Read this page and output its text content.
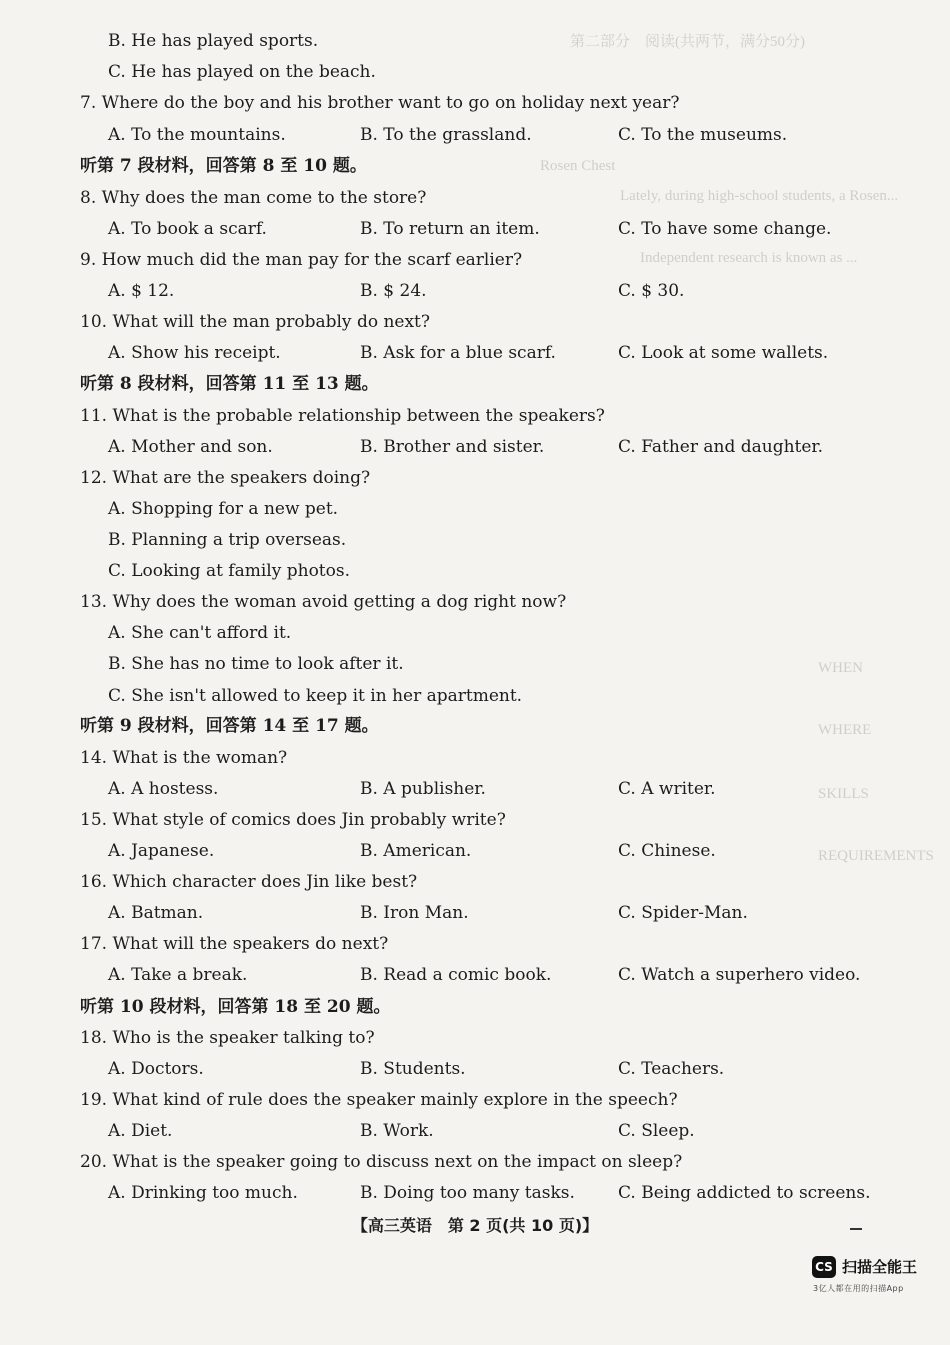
第二部分　阅读(共两节，满分50分)
Rosen Chest
Lately, during high-school students, a Rosen...
Independent research is known as ...
WHEN
WHERE
SKILLS
REQUIREMENTS
B. He has played sports.
C. He has played on the beach.
7. Where do the boy and his brother want to go on holiday next year?
A. To the mountains.	B. To the grassland.	C. To the museums.
听第 7 段材料，回答第 8 至 10 题。
8. Why does the man come to the store?
A. To book a scarf.	B. To return an item.	C. To have some change.
9. How much did the man pay for the scarf earlier?
A. $ 12.	B. $ 24.	C. $ 30.
10. What will the man probably do next?
A. Show his receipt.	B. Ask for a blue scarf.	C. Look at some wallets.
听第 8 段材料，回答第 11 至 13 题。
11. What is the probable relationship between the speakers?
A. Mother and son.	B. Brother and sister.	C. Father and daughter.
12. What are the speakers doing?
A. Shopping for a new pet.
B. Planning a trip overseas.
C. Looking at family photos.
13. Why does the woman avoid getting a dog right now?
A. She can't afford it.
B. She has no time to look after it.
C. She isn't allowed to keep it in her apartment.
听第 9 段材料，回答第 14 至 17 题。
14. What is the woman?
A. A hostess.	B. A publisher.	C. A writer.
15. What style of comics does Jin probably write?
A. Japanese.	B. American.	C. Chinese.
16. Which character does Jin like best?
A. Batman.	B. Iron Man.	C. Spider-Man.
17. What will the speakers do next?
A. Take a break.	B. Read a comic book.	C. Watch a superhero video.
听第 10 段材料，回答第 18 至 20 题。
18. Who is the speaker talking to?
A. Doctors.	B. Students.	C. Teachers.
19. What kind of rule does the speaker mainly explore in the speech?
A. Diet.	B. Work.	C. Sleep.
20. What is the speaker going to discuss next on the impact on sleep?
A. Drinking too much.	B. Doing too many tasks.	C. Being addicted to screens.
【高三英语　第 2 页(共 10 页)】
CS 扫描全能王
3亿人都在用的扫描App
